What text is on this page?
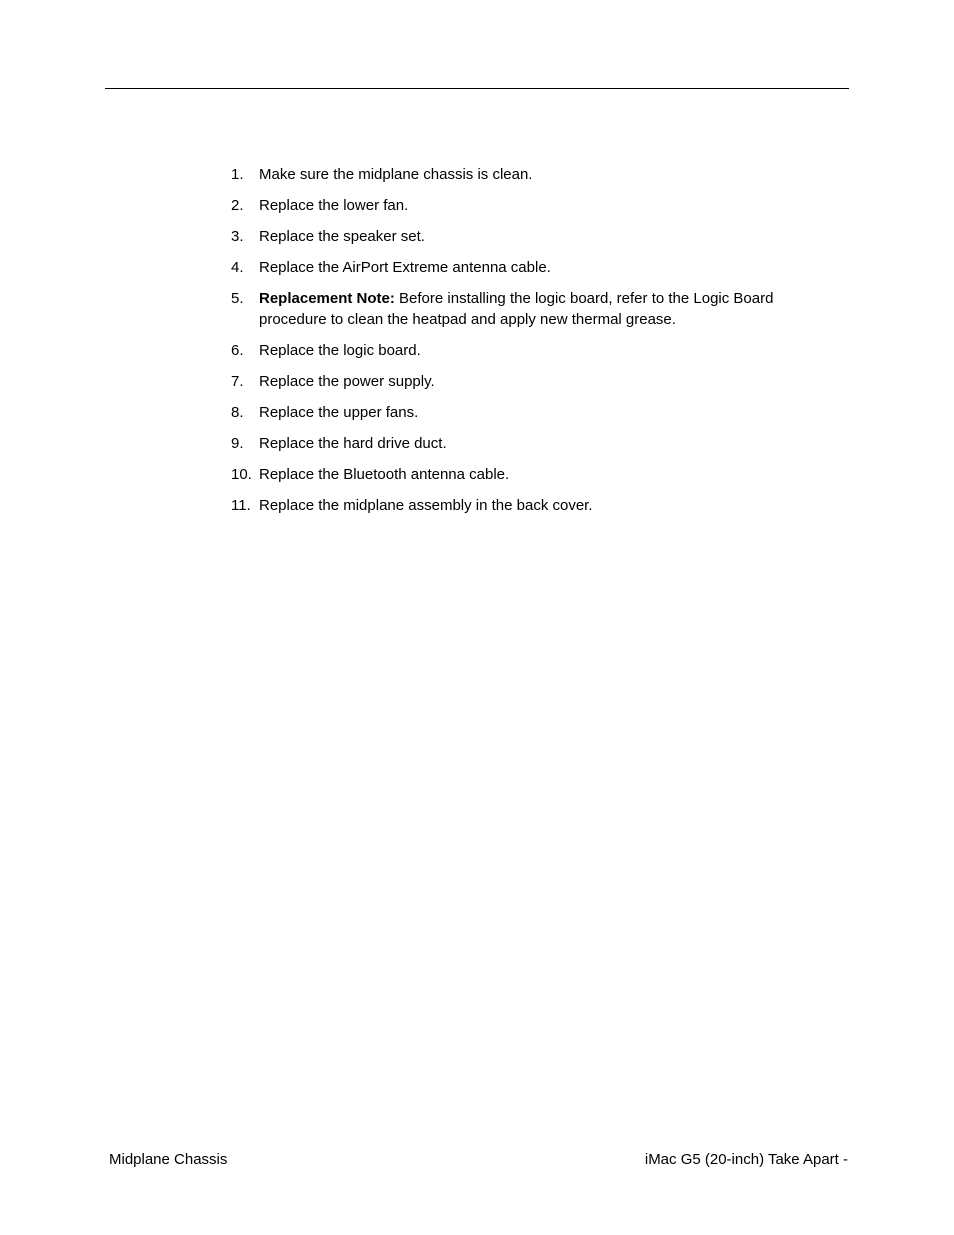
1. Make sure the midplane chassis is clean.
2. Replace the lower fan.
3. Replace the speaker set.
4. Replace the AirPort Extreme antenna cable.
5. Replacement Note: Before installing the logic board, refer to the Logic Board procedure to clean the heatpad and apply new thermal grease.
6. Replace the logic board.
7. Replace the power supply.
8. Replace the upper fans.
9. Replace the hard drive duct.
10. Replace the Bluetooth antenna cable.
11. Replace the midplane assembly in the back cover.
Midplane Chassis	iMac G5 (20-inch) Take Apart -
